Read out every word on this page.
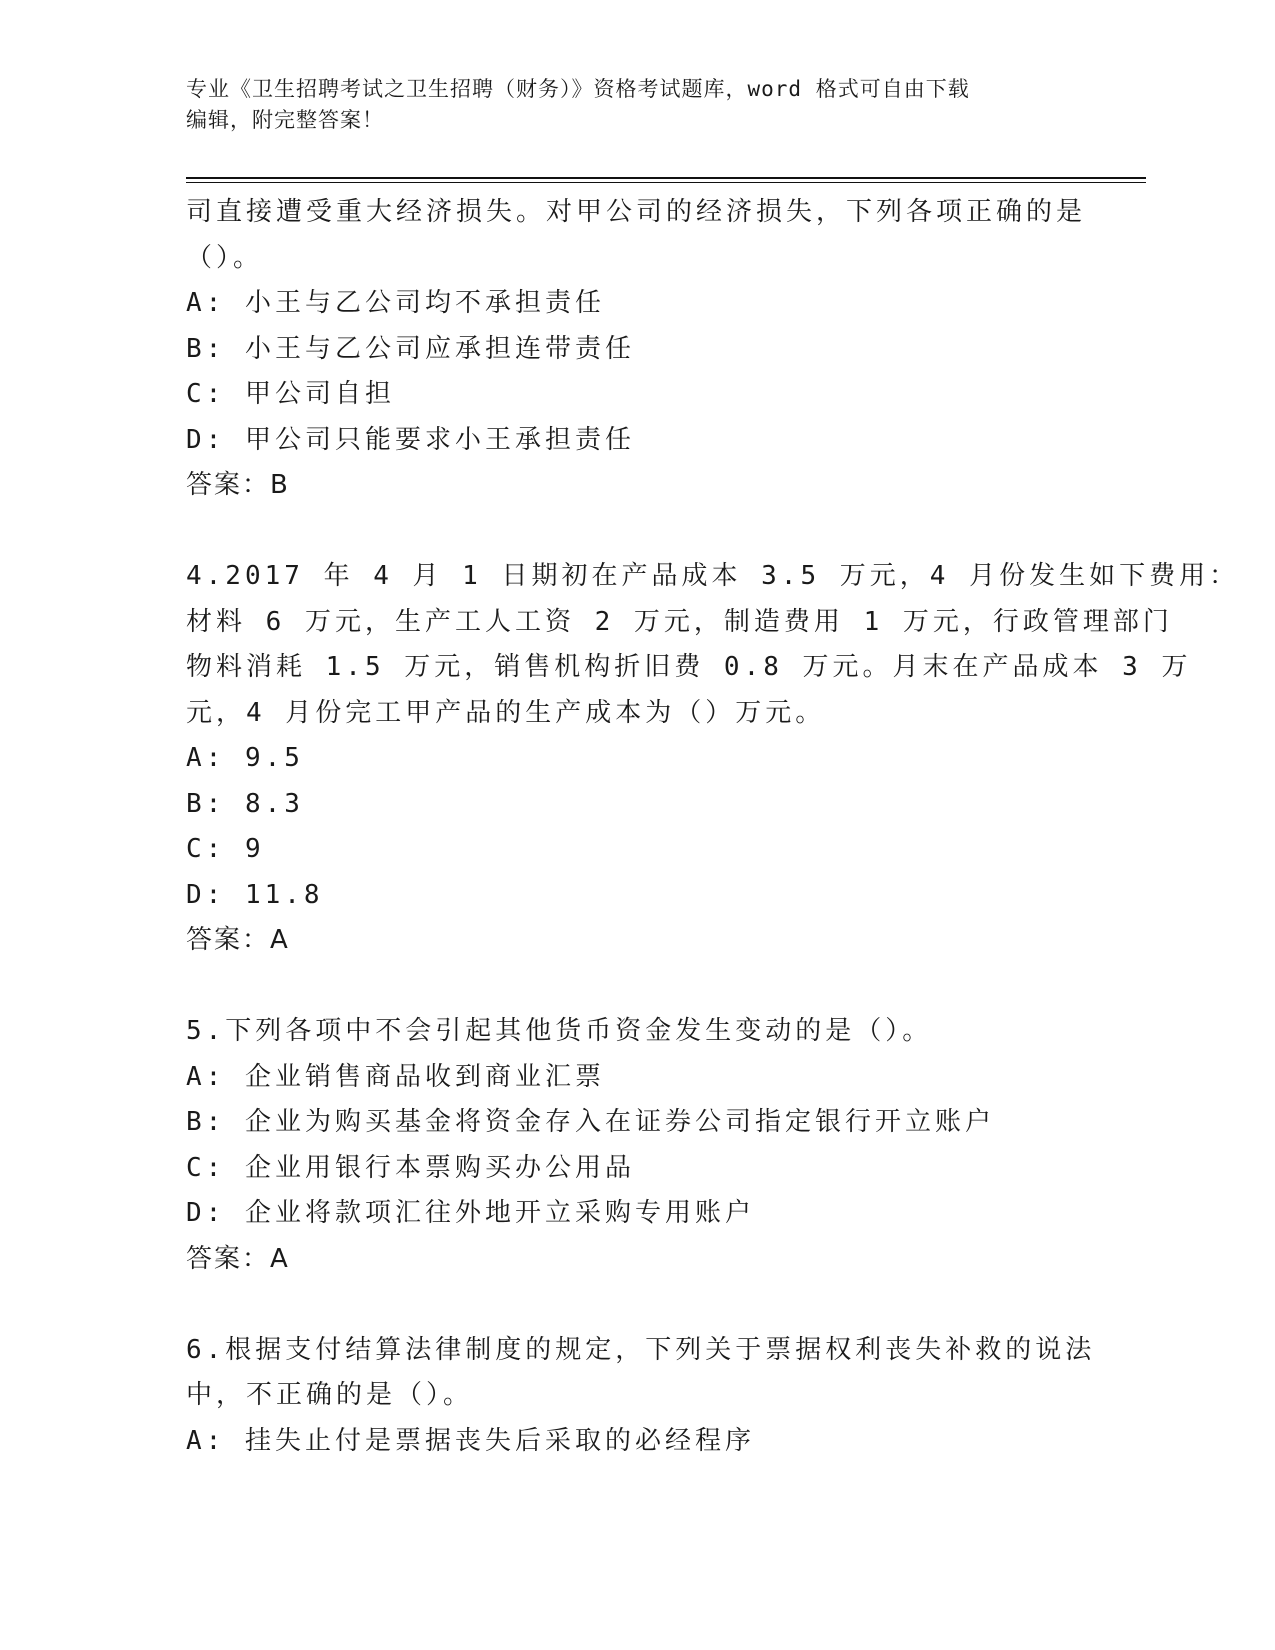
专业《卫生招聘考试之卫生招聘（财务）》资格考试题库，word 格式可自由下载
编辑，附完整答案！
司直接遭受重大经济损失。对甲公司的经济损失，下列各项正确的是
（）。
A: 小王与乙公司均不承担责任
B: 小王与乙公司应承担连带责任
C: 甲公司自担
D: 甲公司只能要求小王承担责任
答案：B
4.2017 年 4 月 1 日期初在产品成本 3.5 万元，4 月份发生如下费用：
材料 6 万元，生产工人工资 2 万元，制造费用 1 万元，行政管理部门
物料消耗 1.5 万元，销售机构折旧费 0.8 万元。月末在产品成本 3 万
元，4 月份完工甲产品的生产成本为（）万元。
A: 9.5
B: 8.3
C: 9
D: 11.8
答案：A
5.下列各项中不会引起其他货币资金发生变动的是（）。
A: 企业销售商品收到商业汇票
B: 企业为购买基金将资金存入在证券公司指定银行开立账户
C: 企业用银行本票购买办公用品
D: 企业将款项汇往外地开立采购专用账户
答案：A
6.根据支付结算法律制度的规定，下列关于票据权利丧失补救的说法
中，不正确的是（）。
A: 挂失止付是票据丧失后采取的必经程序
